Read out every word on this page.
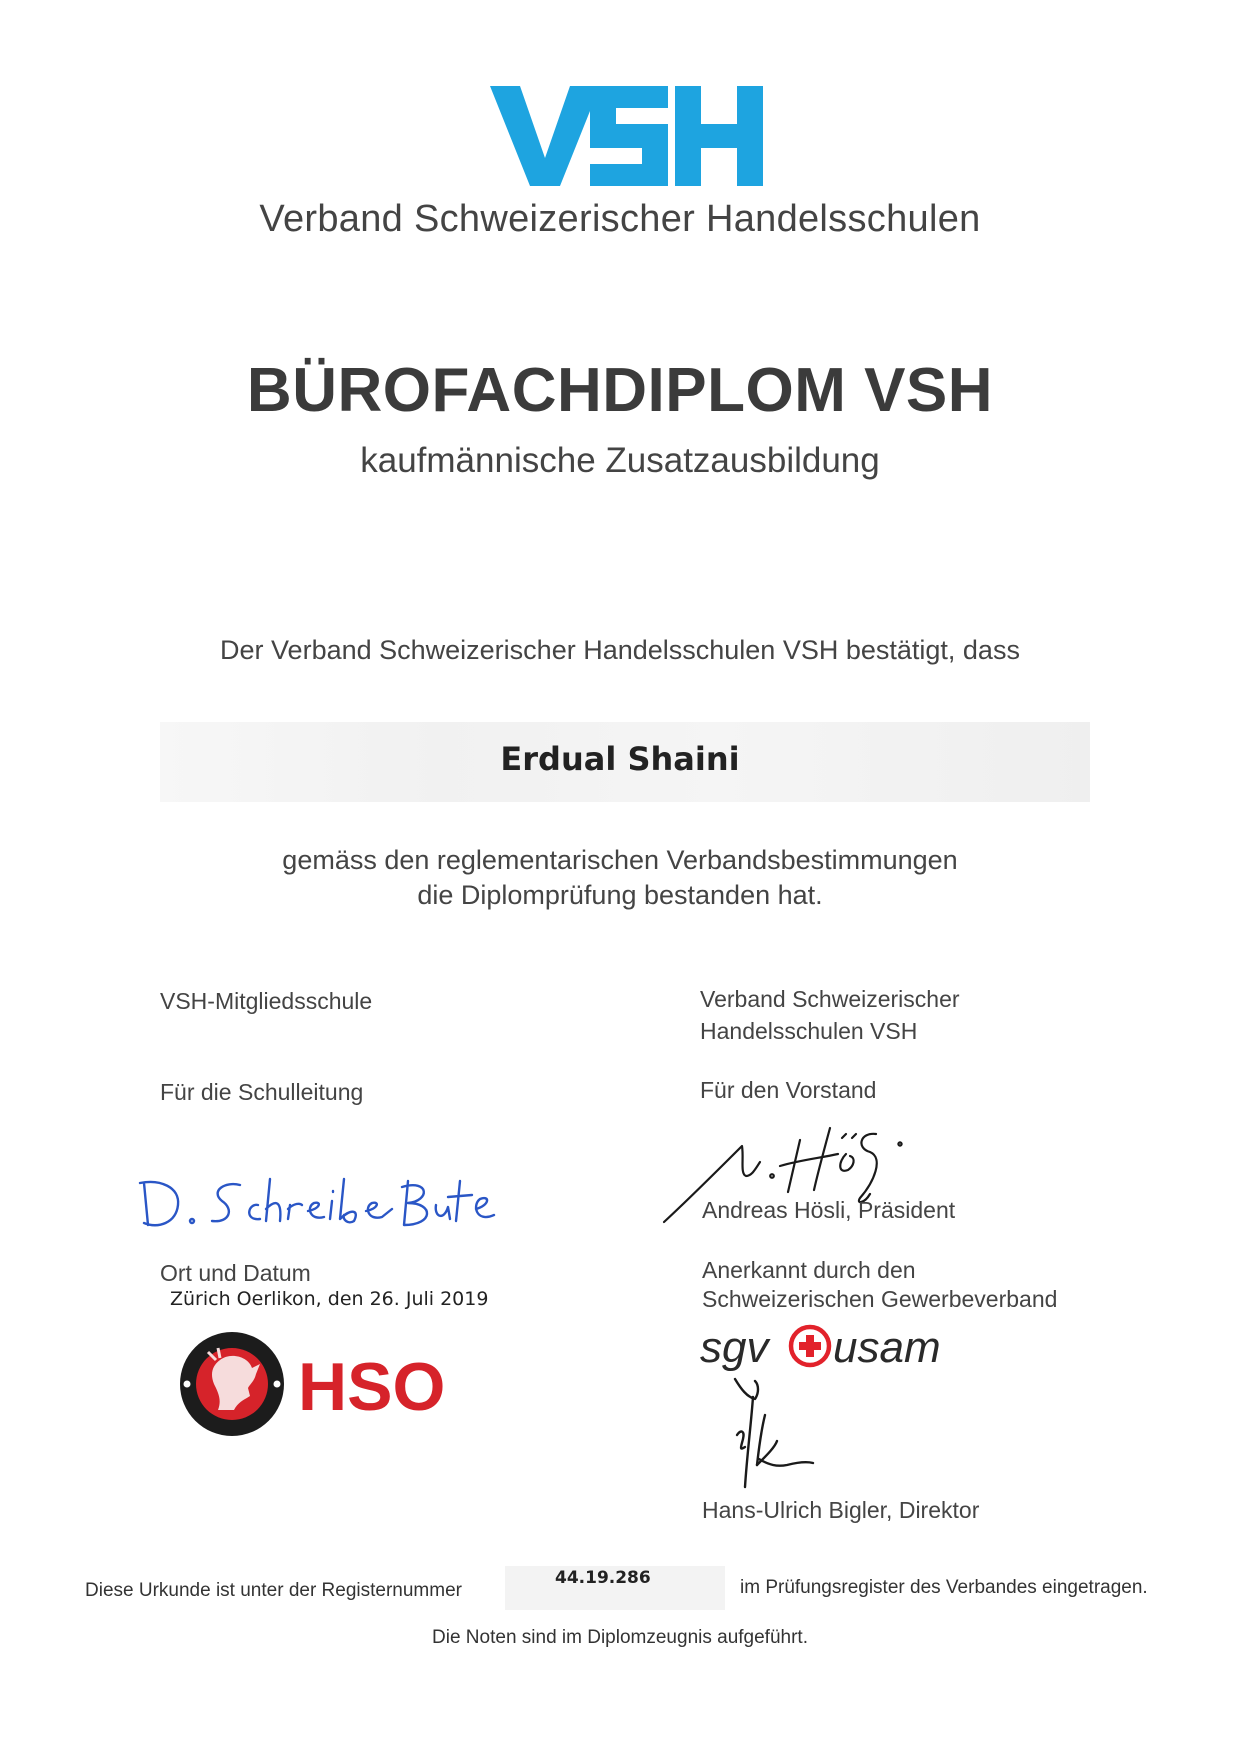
Verband Schweizerischer Handelsschulen
BÜROFACHDIPLOM VSH
kaufmännische Zusatzausbildung
Der Verband Schweizerischer Handelsschulen VSH bestätigt, dass
Erdual Shaini
gemäss den reglementarischen Verbandsbestimmungen
die Diplomprüfung bestanden hat.
VSH-Mitgliedsschule
Für die Schulleitung
Ort und Datum
Zürich Oerlikon, den 26. Juli 2019
HSO
Verband Schweizerischer
Handelsschulen VSH
Für den Vorstand
Andreas Hösli, Präsident
Anerkannt durch den
Schweizerischen Gewerbeverband
sgv usam
Hans-Ulrich Bigler, Direktor
Diese Urkunde ist unter der Registernummer
44.19.286	im Prüfungsregister des Verbandes eingetragen.
Die Noten sind im Diplomzeugnis aufgeführt.
